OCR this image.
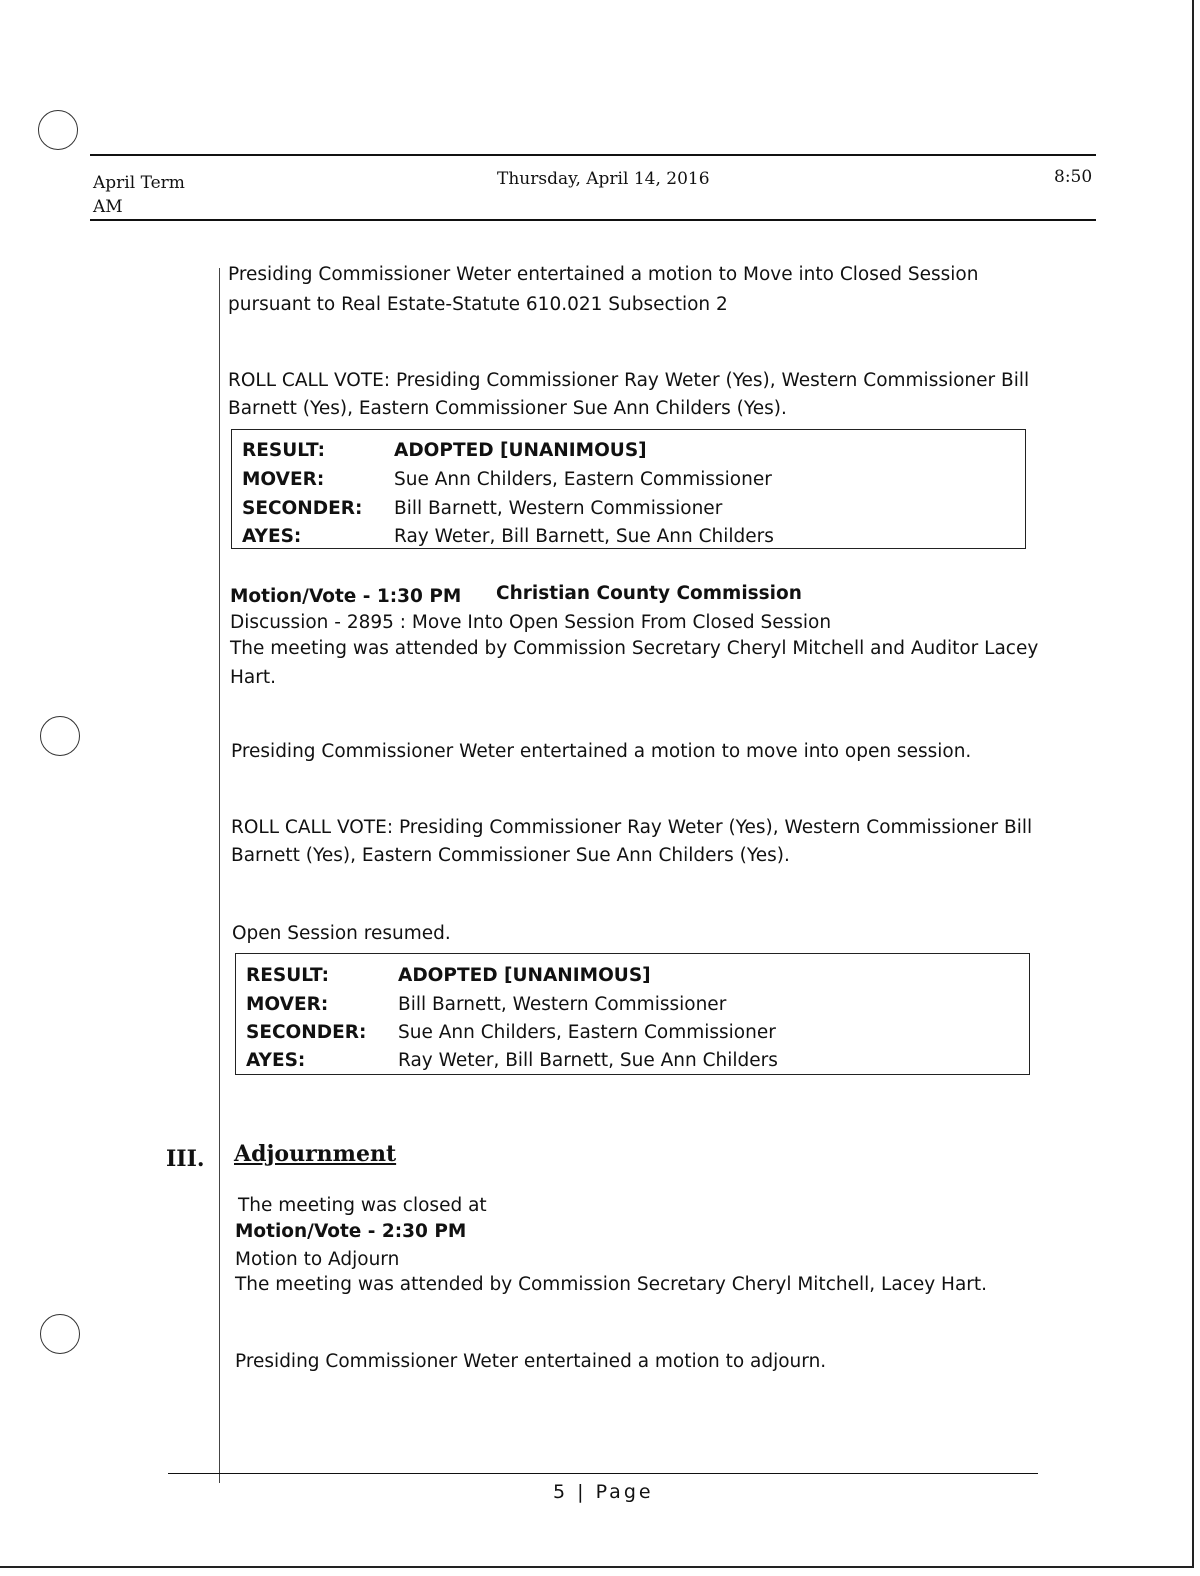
April Term
AM
Thursday, April 14, 2016	8:50
Presiding Commissioner Weter entertained a motion to Move into Closed Session
pursuant to Real Estate-Statute 610.021 Subsection 2
ROLL CALL VOTE: Presiding Commissioner Ray Weter (Yes), Western Commissioner Bill
Barnett (Yes), Eastern Commissioner Sue Ann Childers (Yes).
RESULT:	ADOPTED [UNANIMOUS]
MOVER:	Sue Ann Childers, Eastern Commissioner
SECONDER: Bill Barnett, Western Commissioner
AYES:	Ray Weter, Bill Barnett, Sue Ann Childers
Motion/Vote - 1:30 PM Christian County Commission
Discussion - 2895 : Move Into Open Session From Closed Session
The meeting was attended by Commission Secretary Cheryl Mitchell and Auditor Lacey
Hart.
Presiding Commissioner Weter entertained a motion to move into open session.
ROLL CALL VOTE: Presiding Commissioner Ray Weter (Yes), Western Commissioner Bill
Barnett (Yes), Eastern Commissioner Sue Ann Childers (Yes).
Open Session resumed.
RESULT:	ADOPTED [UNANIMOUS]
MOVER:	Bill Barnett, Western Commissioner
SECONDER: Sue Ann Childers, Eastern Commissioner
AYES:	Ray Weter, Bill Barnett, Sue Ann Childers
III. Adjournment
The meeting was closed at
Motion/Vote - 2:30 PM
Motion to Adjourn
The meeting was attended by Commission Secretary Cheryl Mitchell, Lacey Hart.
Presiding Commissioner Weter entertained a motion to adjourn.
5 | Page
